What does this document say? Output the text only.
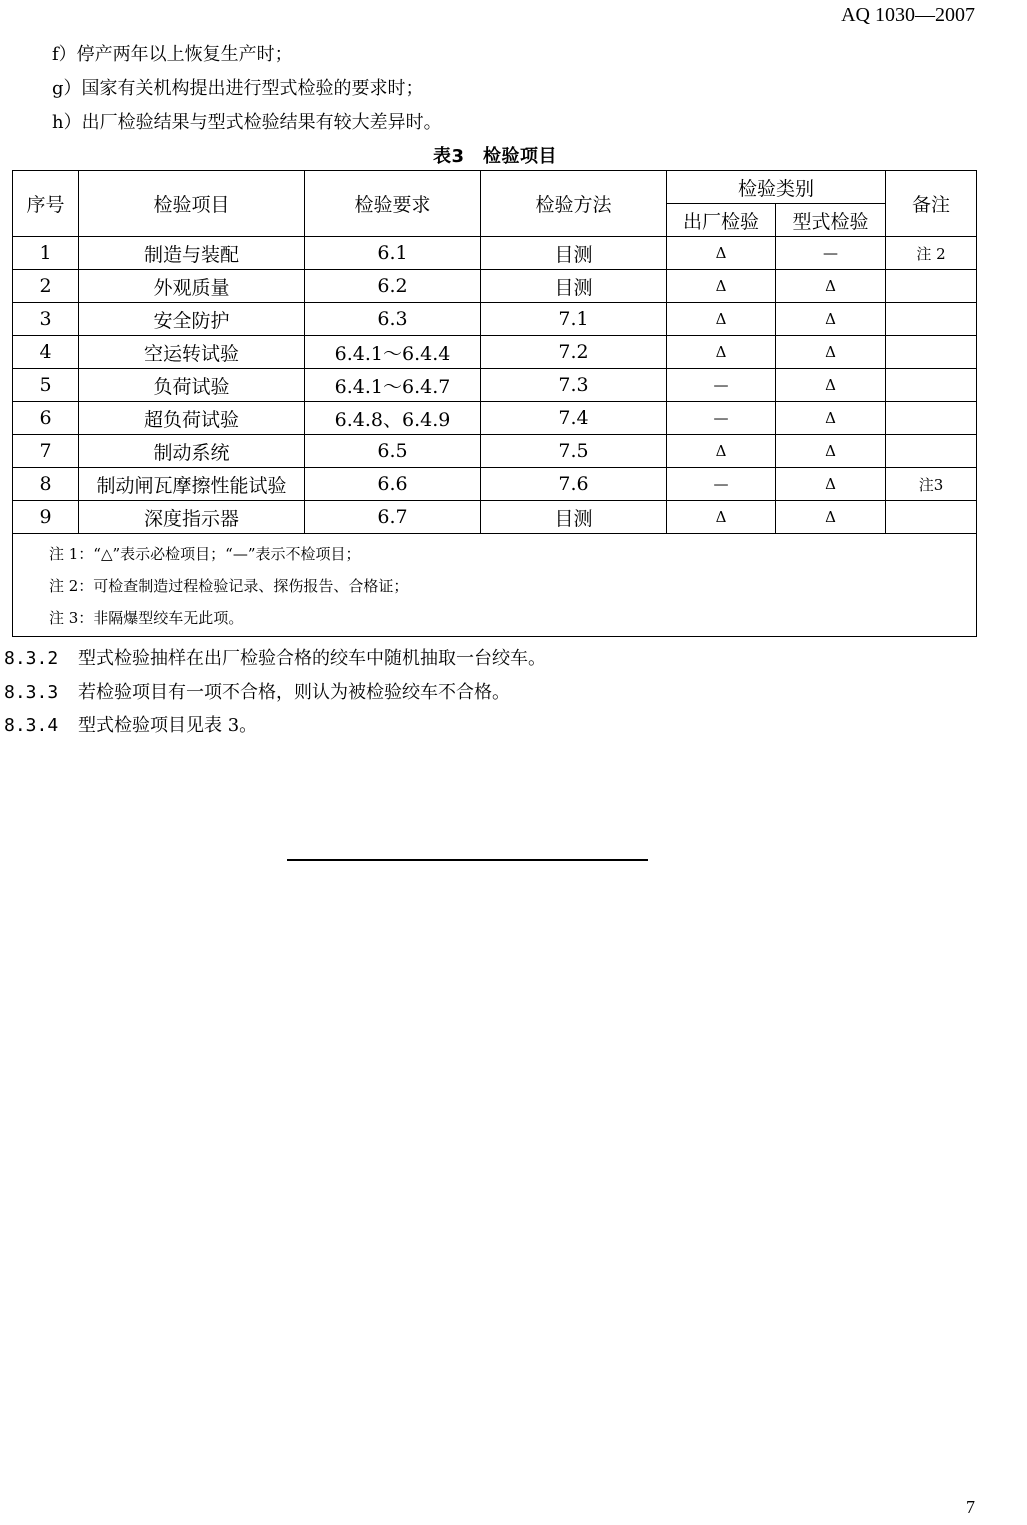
AQ 1030—2007
f）停产两年以上恢复生产时；
g）国家有关机构提出进行型式检验的要求时；
h）出厂检验结果与型式检验结果有较大差异时。
表3　检验项目
序号	检验项目	检验要求	检验方法	检验类别		备注
				出厂检验	型式检验	
1	制造与装配	6.1	目测	Δ	—	注 2
2	外观质量	6.2	目测	Δ	Δ	
3	安全防护	6.3	7.1	Δ	Δ	
4	空运转试验	6.4.1～6.4.4	7.2	Δ	Δ	
5	负荷试验	6.4.1～6.4.7	7.3	—	Δ	
6	超负荷试验	6.4.8、6.4.9	7.4	—	Δ	
7	制动系统	6.5	7.5	Δ	Δ	
8	制动闸瓦摩擦性能试验	6.6	7.6	—	Δ	注3
9	深度指示器	6.7	目测	Δ	Δ	

注 1：“△”表示必检项目；“—”表示不检项目；
注 2：可检查制造过程检验记录、探伤报告、合格证；
注 3：非隔爆型绞车无此项。						
8.3.2 型式检验抽样在出厂检验合格的绞车中随机抽取一台绞车。
8.3.3 若检验项目有一项不合格，则认为被检验绞车不合格。
8.3.4 型式检验项目见表 3。
7
